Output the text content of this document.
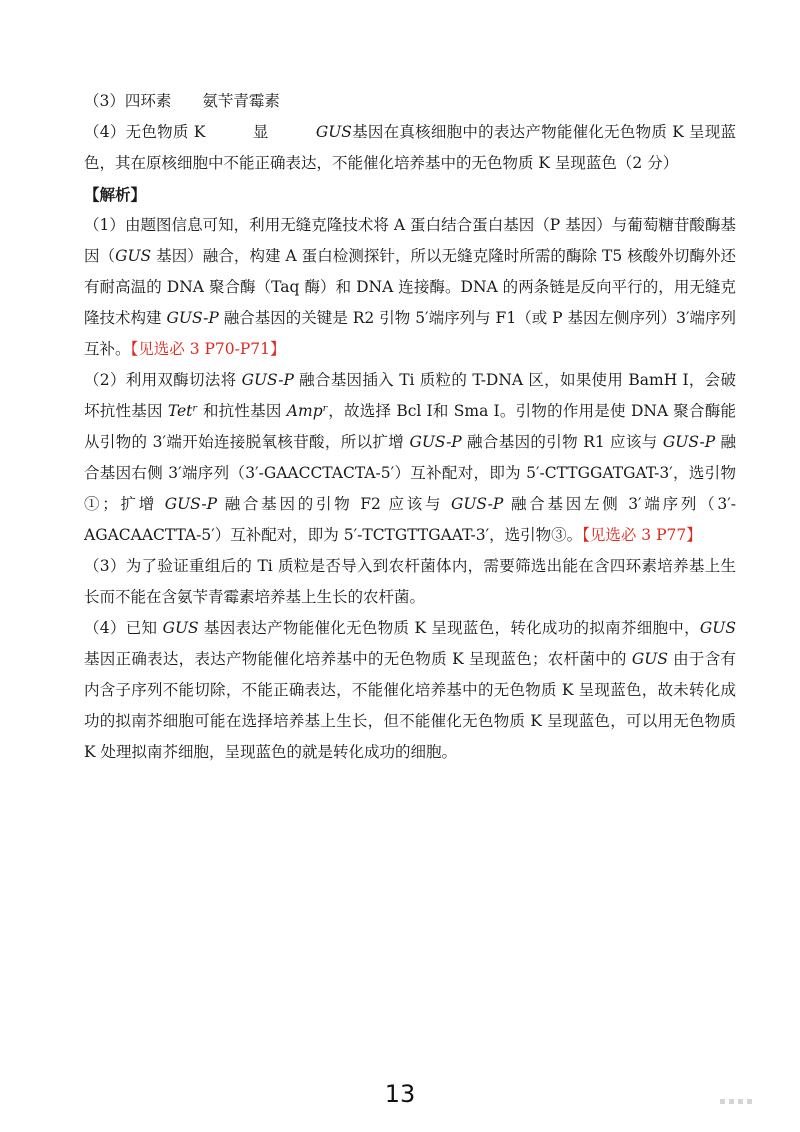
（3）四环素　　氨苄青霉素

（4）无色物质 K　　　显　　　GUS基因在真核细胞中的表达产物能催化无色物质 K 呈现蓝色，其在原核细胞中不能正确表达，不能催化培养基中的无色物质 K 呈现蓝色（2 分）

【解析】

（1）由题图信息可知，利用无缝克隆技术将 A 蛋白结合蛋白基因（P 基因）与葡萄糖苷酸酶基因（GUS 基因）融合，构建 A 蛋白检测探针，所以无缝克隆时所需的酶除 T5 核酸外切酶外还有耐高温的 DNA 聚合酶（Taq 酶）和 DNA 连接酶。DNA 的两条链是反向平行的，用无缝克隆技术构建 GUS-P 融合基因的关键是 R2 引物 5′端序列与 F1（或 P 基因左侧序列）3′端序列互补。【见选必 3 P70-P71】

（2）利用双酶切法将 GUS-P 融合基因插入 Ti 质粒的 T-DNA 区，如果使用 BamH Ⅰ，会破坏抗性基因 Tetʳ 和抗性基因 Ampʳ，故选择 Bcl Ⅰ和 Sma Ⅰ。引物的作用是使 DNA 聚合酶能从引物的 3′端开始连接脱氧核苷酸，所以扩增 GUS-P 融合基因的引物 R1 应该与 GUS-P 融合基因右侧 3′端序列（3′-GAACCTACTA-5′）互补配对，即为 5′-CTTGGATGAT-3′，选引物①；扩增 GUS-P 融合基因的引物 F2 应该与 GUS-P 融合基因左侧 3′端序列（3′-AGACAACTTA-5′）互补配对，即为 5′-TCTGTTGAAT-3′，选引物③。【见选必 3 P77】

（3）为了验证重组后的 Ti 质粒是否导入到农杆菌体内，需要筛选出能在含四环素培养基上生长而不能在含氨苄青霉素培养基上生长的农杆菌。

（4）已知 GUS 基因表达产物能催化无色物质 K 呈现蓝色，转化成功的拟南芥细胞中，GUS 基因正确表达，表达产物能催化培养基中的无色物质 K 呈现蓝色；农杆菌中的 GUS 由于含有内含子序列不能切除，不能正确表达，不能催化培养基中的无色物质 K 呈现蓝色，故未转化成功的拟南芥细胞可能在选择培养基上生长，但不能催化无色物质 K 呈现蓝色，可以用无色物质 K 处理拟南芥细胞，呈现蓝色的就是转化成功的细胞。

13
